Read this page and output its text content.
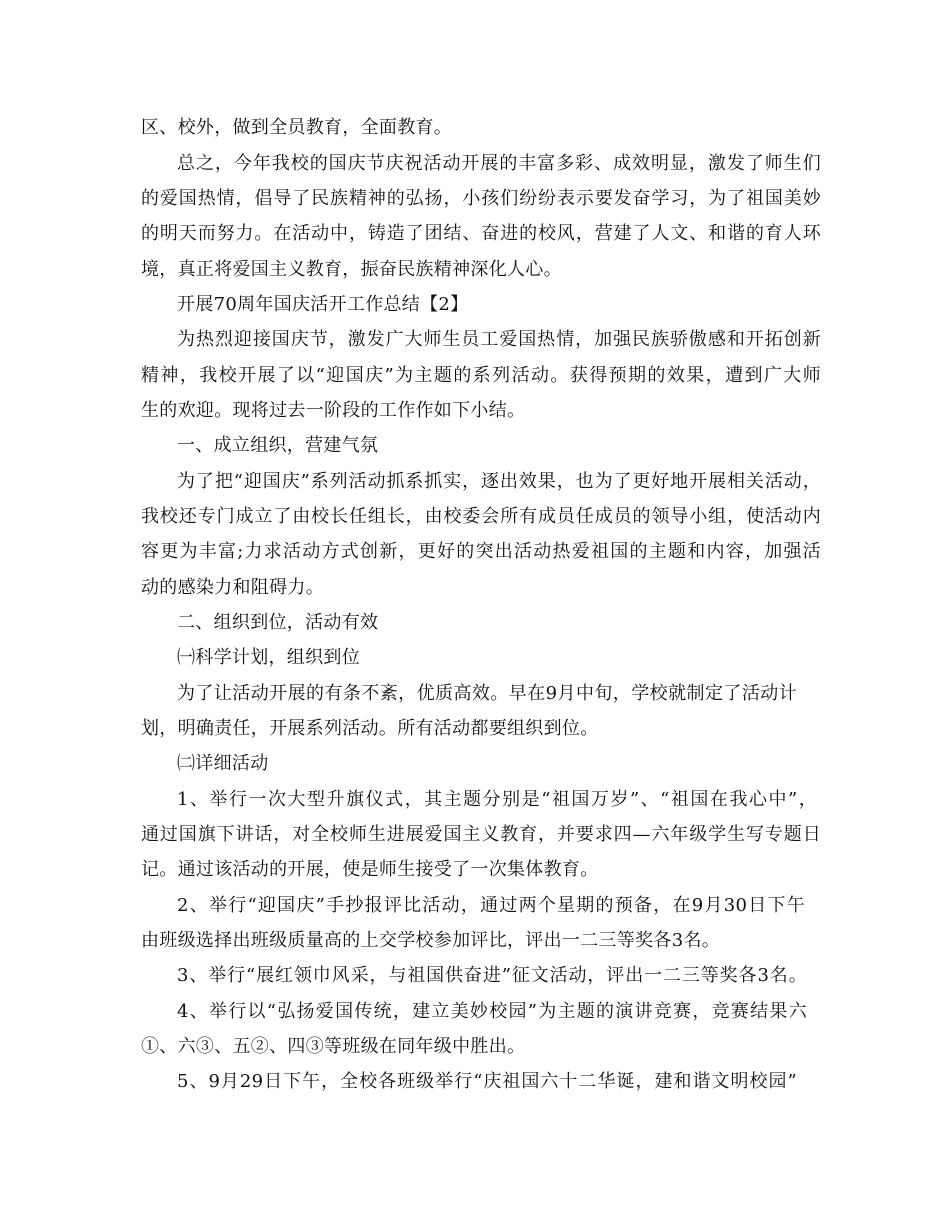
区、校外，做到全员教育，全面教育。
总之，今年我校的国庆节庆祝活动开展的丰富多彩、成效明显，激发了师生们
的爱国热情，倡导了民族精神的弘扬，小孩们纷纷表示要发奋学习，为了祖国美妙
的明天而努力。在活动中，铸造了团结、奋进的校风，营建了人文、和谐的育人环
境，真正将爱国主义教育，振奋民族精神深化人心。
开展70周年国庆活开工作总结【2】
为热烈迎接国庆节，激发广大师生员工爱国热情，加强民族骄傲感和开拓创新
精神，我校开展了以“迎国庆”为主题的系列活动。获得预期的效果，遭到广大师
生的欢迎。现将过去一阶段的工作作如下小结。
一、成立组织，营建气氛
为了把“迎国庆”系列活动抓系抓实，逐出效果，也为了更好地开展相关活动，
我校还专门成立了由校长任组长，由校委会所有成员任成员的领导小组，使活动内
容更为丰富;力求活动方式创新，更好的突出活动热爱祖国的主题和内容，加强活
动的感染力和阻碍力。
二、组织到位，活动有效
㈠科学计划，组织到位
为了让活动开展的有条不紊，优质高效。早在9月中旬，学校就制定了活动计
划，明确责任，开展系列活动。所有活动都要组织到位。
㈡详细活动
1、举行一次大型升旗仪式，其主题分别是“祖国万岁”、“祖国在我心中”，
通过国旗下讲话，对全校师生进展爱国主义教育，并要求四—六年级学生写专题日
记。通过该活动的开展，使是师生接受了一次集体教育。
2、举行“迎国庆”手抄报评比活动，通过两个星期的预备，在9月30日下午
由班级选择出班级质量高的上交学校参加评比，评出一二三等奖各3名。
3、举行“展红领巾风采，与祖国供奋进”征文活动，评出一二三等奖各3名。
4、举行以“弘扬爱国传统，建立美妙校园”为主题的演讲竞赛，竞赛结果六
①、六③、五②、四③等班级在同年级中胜出。
5、9月29日下午，全校各班级举行“庆祖国六十二华诞，建和谐文明校园”
